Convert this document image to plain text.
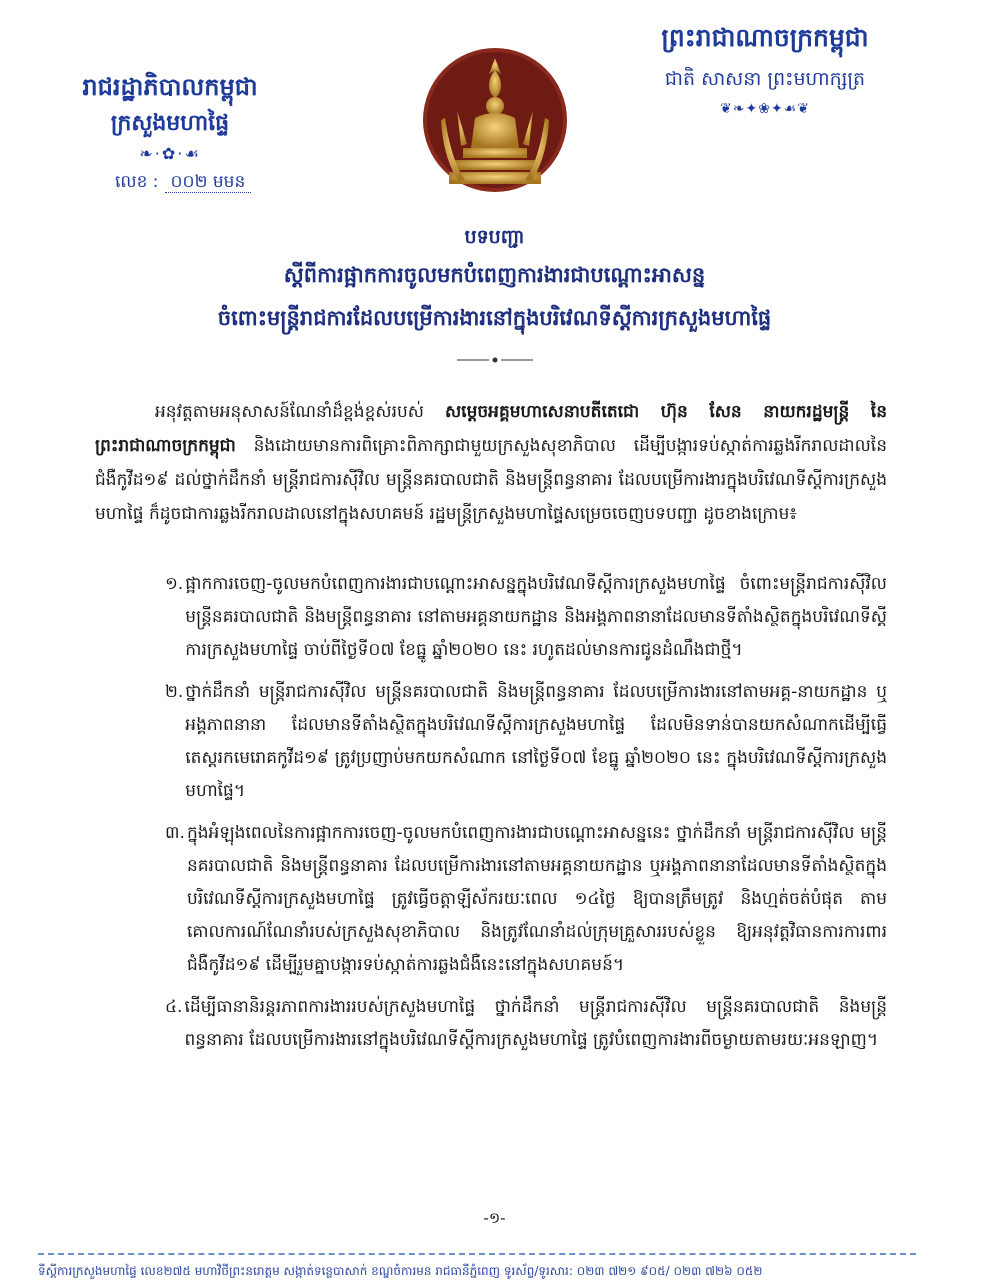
រាជរដ្ឋាភិបាលកម្ពុជា
ក្រសួងមហាផ្ទៃ
❧·✿·☙
លេខ : ០០២ មមន
ព្រះរាជាណាចក្រកម្ពុជា
ជាតិ សាសនា ព្រះមហាក្សត្រ
❦❧✦❀✦☙❦
បទបញ្ជា
ស្តីពីការផ្អាកការចូលមកបំពេញការងារជាបណ្តោះអាសន្ន
ចំពោះមន្ត្រីរាជការដែលបម្រើការងារនៅក្នុងបរិវេណទីស្តីការក្រសួងមហាផ្ទៃ
អនុវត្តតាមអនុសាសន៍ណែនាំដ៏ខ្ពង់ខ្ពស់របស់ សម្តេចអគ្គមហាសេនាបតីតេជោ ហ៊ុន សែន នាយករដ្ឋមន្ត្រី នៃព្រះរាជាណាចក្រកម្ពុជា និងដោយមានការពិគ្រោះពិភាក្សាជាមួយក្រសួងសុខាភិបាល ដើម្បីបង្ការទប់ស្កាត់ការឆ្លងរីករាលដាលនៃជំងឺកូវីដ១៩ ដល់ថ្នាក់ដឹកនាំ មន្ត្រីរាជការស៊ីវិល មន្ត្រីនគរបាលជាតិ និងមន្ត្រីពន្ធនាគារ ដែលបម្រើការងារក្នុងបរិវេណទីស្តីការក្រសួងមហាផ្ទៃ ក៏ដូចជាការឆ្លងរីករាលដាលនៅក្នុងសហគមន៍ រដ្ឋមន្ត្រីក្រសួងមហាផ្ទៃសម្រេចចេញបទបញ្ជា ដូចខាងក្រោម៖
១. ផ្អាកការចេញ-ចូលមកបំពេញការងារជាបណ្តោះអាសន្នក្នុងបរិវេណទីស្តីការក្រសួងមហាផ្ទៃ ចំពោះមន្ត្រីរាជការស៊ីវិល មន្ត្រីនគរបាលជាតិ និងមន្ត្រីពន្ធនាគារ នៅតាមអគ្គនាយកដ្ឋាន និងអង្គភាពនានាដែលមានទីតាំងស្ថិតក្នុងបរិវេណទីស្តីការក្រសួងមហាផ្ទៃ ចាប់ពីថ្ងៃទី០៧ ខែធ្នូ ឆ្នាំ២០២០ នេះ រហូតដល់មានការជូនដំណឹងជាថ្មី។
២. ថ្នាក់ដឹកនាំ មន្ត្រីរាជការស៊ីវិល មន្ត្រីនគរបាលជាតិ និងមន្ត្រីពន្ធនាគារ ដែលបម្រើការងារនៅតាមអគ្គ-នាយកដ្ឋាន ឬអង្គភាពនានា ដែលមានទីតាំងស្ថិតក្នុងបរិវេណទីស្តីការក្រសួងមហាផ្ទៃ ដែលមិនទាន់បានយកសំណាកដើម្បីធ្វើតេស្តរកមេរោគកូវីដ១៩ ត្រូវប្រញាប់មកយកសំណាក នៅថ្ងៃទី០៧ ខែធ្នូ ឆ្នាំ២០២០ នេះ ក្នុងបរិវេណទីស្តីការក្រសួងមហាផ្ទៃ។
៣. ក្នុងអំឡុងពេលនៃការផ្អាកការចេញ-ចូលមកបំពេញការងារជាបណ្តោះអាសន្ននេះ ថ្នាក់ដឹកនាំ មន្ត្រីរាជការស៊ីវិល មន្ត្រីនគរបាលជាតិ និងមន្ត្រីពន្ធនាគារ ដែលបម្រើការងារនៅតាមអគ្គនាយកដ្ឋាន ឬអង្គភាពនានាដែលមានទីតាំងស្ថិតក្នុងបរិវេណទីស្តីការក្រសួងមហាផ្ទៃ ត្រូវធ្វើចត្តាឡីស័ករយៈពេល ១៤ថ្ងៃ ឱ្យបានត្រឹមត្រូវ និងហ្មត់ចត់បំផុត តាមគោលការណ៍ណែនាំរបស់ក្រសួងសុខាភិបាល និងត្រូវណែនាំដល់ក្រុមគ្រួសាររបស់ខ្លួន ឱ្យអនុវត្តវិធានការការពារជំងឺកូវីដ១៩ ដើម្បីរួមគ្នាបង្ការទប់ស្កាត់ការឆ្លងជំងឺនេះនៅក្នុងសហគមន៍។
៤. ដើម្បីធានានិរន្តរភាពការងាររបស់ក្រសួងមហាផ្ទៃ ថ្នាក់ដឹកនាំ មន្ត្រីរាជការស៊ីវិល មន្ត្រីនគរបាលជាតិ និងមន្ត្រីពន្ធនាគារ ដែលបម្រើការងារនៅក្នុងបរិវេណទីស្តីការក្រសួងមហាផ្ទៃ ត្រូវបំពេញការងារពីចម្ងាយតាមរយៈអនឡាញ។
-១-
ទីស្តីការក្រសួងមហាផ្ទៃ លេខ២៧៥ មហាវិថីព្រះនរោត្តម សង្កាត់ទន្លេបាសាក់ ខណ្ឌចំការមន រាជធានីភ្នំពេញ ទូរស័ព្ទ/ទូរសារ: ០២៣ ៧២១ ៩០៥/ ០២៣ ៧២៦ ០៥២
